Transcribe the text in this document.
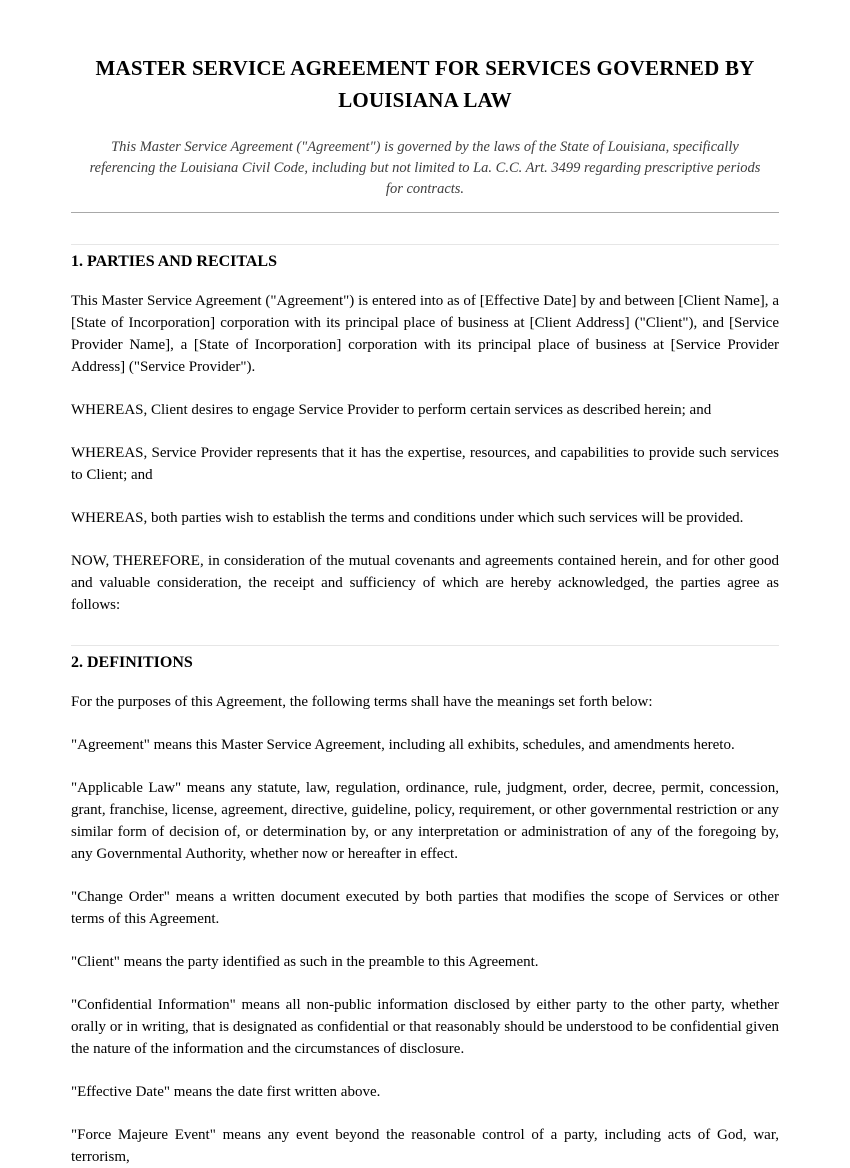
MASTER SERVICE AGREEMENT FOR SERVICES GOVERNED BY LOUISIANA LAW

This Master Service Agreement ("Agreement") is governed by the laws of the State of Louisiana, specifically referencing the Louisiana Civil Code, including but not limited to La. C.C. Art. 3499 regarding prescriptive periods for contracts.

1. PARTIES AND RECITALS

This Master Service Agreement ("Agreement") is entered into as of [Effective Date] by and between [Client Name], a [State of Incorporation] corporation with its principal place of business at [Client Address] ("Client"), and [Service Provider Name], a [State of Incorporation] corporation with its principal place of business at [Service Provider Address] ("Service Provider").

WHEREAS, Client desires to engage Service Provider to perform certain services as described herein; and

WHEREAS, Service Provider represents that it has the expertise, resources, and capabilities to provide such services to Client; and

WHEREAS, both parties wish to establish the terms and conditions under which such services will be provided.

NOW, THEREFORE, in consideration of the mutual covenants and agreements contained herein, and for other good and valuable consideration, the receipt and sufficiency of which are hereby acknowledged, the parties agree as follows:

2. DEFINITIONS

For the purposes of this Agreement, the following terms shall have the meanings set forth below:

"Agreement" means this Master Service Agreement, including all exhibits, schedules, and amendments hereto.

"Applicable Law" means any statute, law, regulation, ordinance, rule, judgment, order, decree, permit, concession, grant, franchise, license, agreement, directive, guideline, policy, requirement, or other governmental restriction or any similar form of decision of, or determination by, or any interpretation or administration of any of the foregoing by, any Governmental Authority, whether now or hereafter in effect.

"Change Order" means a written document executed by both parties that modifies the scope of Services or other terms of this Agreement.

"Client" means the party identified as such in the preamble to this Agreement.

"Confidential Information" means all non-public information disclosed by either party to the other party, whether orally or in writing, that is designated as confidential or that reasonably should be understood to be confidential given the nature of the information and the circumstances of disclosure.

"Effective Date" means the date first written above.

"Force Majeure Event" means any event beyond the reasonable control of a party, including acts of God, war, terrorism,
